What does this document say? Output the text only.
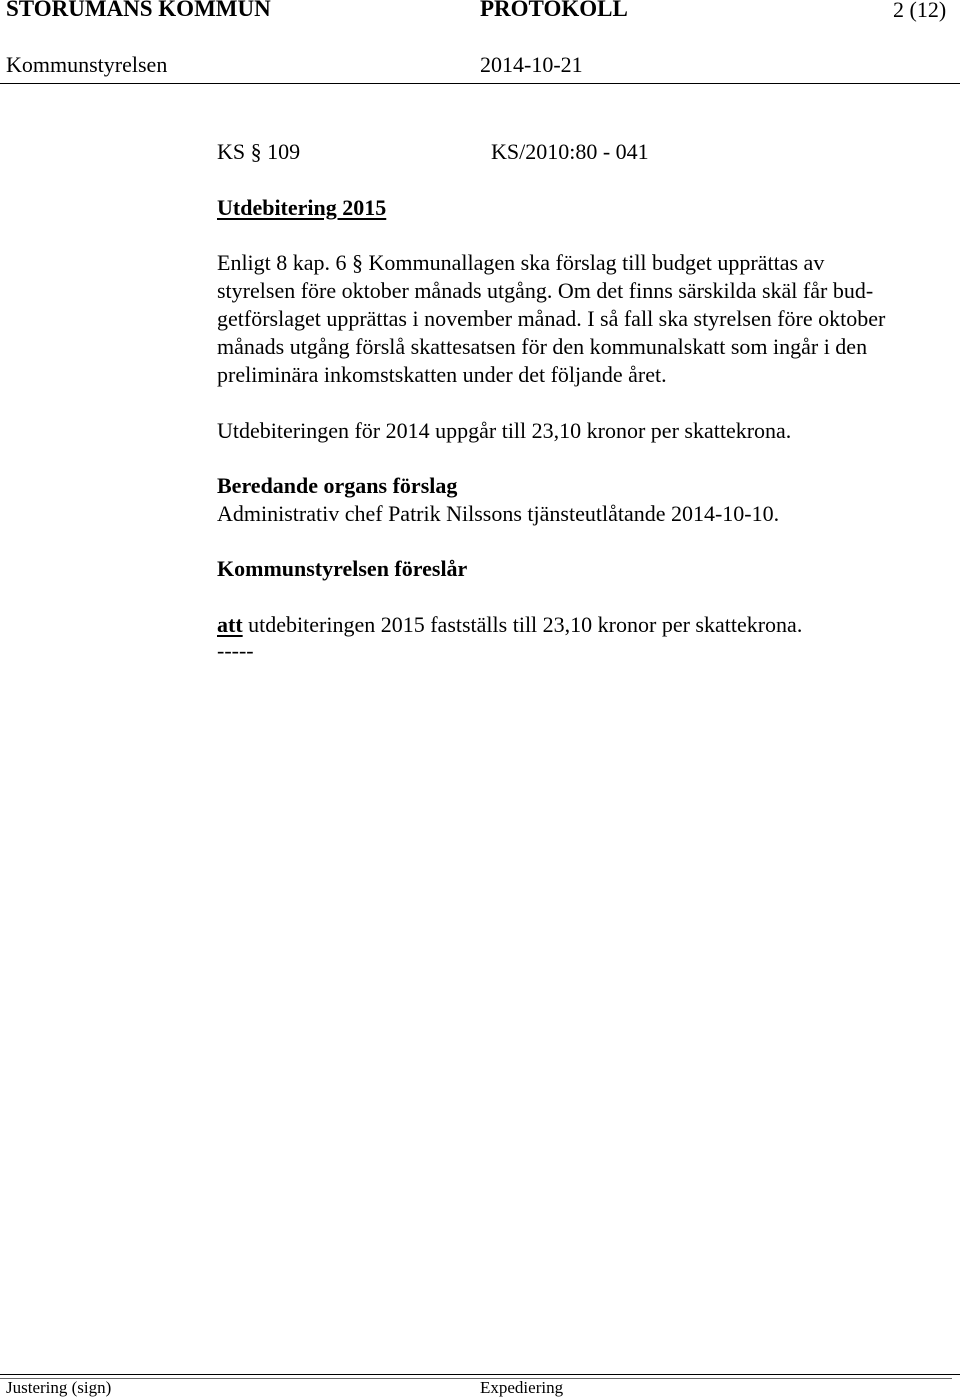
STORUMANS KOMMUN	PROTOKOLL	2 (12)
Kommunstyrelsen	2014-10-21
KS § 109	KS/2010:80 - 041
Utdebitering 2015
Enligt 8 kap. 6 § Kommunallagen ska förslag till budget upprättas av
styrelsen före oktober månads utgång. Om det finns särskilda skäl får bud-
getförslaget upprättas i november månad. I så fall ska styrelsen före oktober
månads utgång förslå skattesatsen för den kommunalskatt som ingår i den
preliminära inkomstskatten under det följande året.
Utdebiteringen för 2014 uppgår till 23,10 kronor per skattekrona.
Beredande organs förslag
Administrativ chef Patrik Nilssons tjänsteutlåtande 2014-10-10.
Kommunstyrelsen föreslår
att utdebiteringen 2015 fastställs till 23,10 kronor per skattekrona.
-----
Justering (sign)	Expediering
